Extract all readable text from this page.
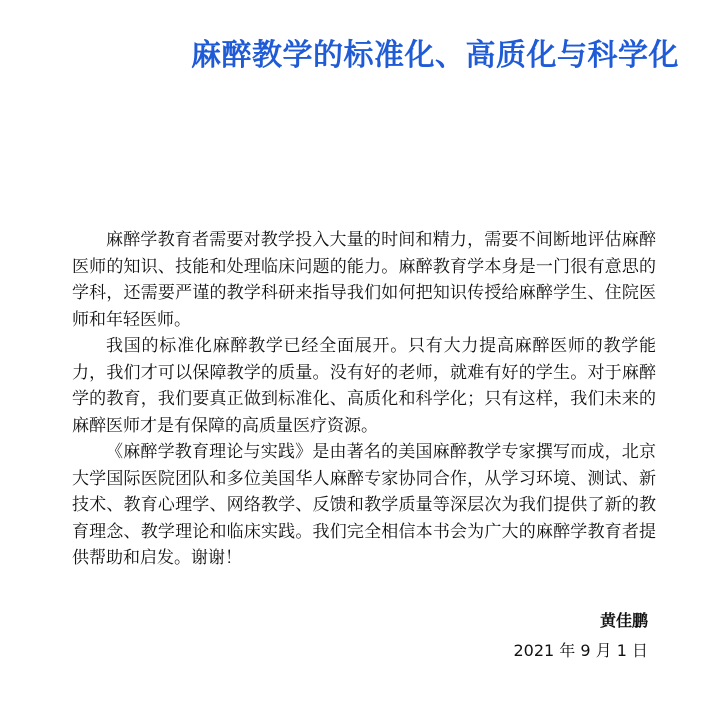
麻醉教学的标准化、高质化与科学化

麻醉学教育者需要对教学投入大量的时间和精力，需要不间断地评估麻醉医师的知识、技能和处理临床问题的能力。麻醉教育学本身是一门很有意思的学科，还需要严谨的教学科研来指导我们如何把知识传授给麻醉学生、住院医师和年轻医师。

我国的标准化麻醉教学已经全面展开。只有大力提高麻醉医师的教学能力，我们才可以保障教学的质量。没有好的老师，就难有好的学生。对于麻醉学的教育，我们要真正做到标准化、高质化和科学化；只有这样，我们未来的麻醉医师才是有保障的高质量医疗资源。

《麻醉学教育理论与实践》是由著名的美国麻醉教学专家撰写而成，北京大学国际医院团队和多位美国华人麻醉专家协同合作，从学习环境、测试、新技术、教育心理学、网络教学、反馈和教学质量等深层次为我们提供了新的教育理念、教学理论和临床实践。我们完全相信本书会为广大的麻醉学教育者提供帮助和启发。谢谢！

黄佳鹏
2021 年 9 月 1 日
